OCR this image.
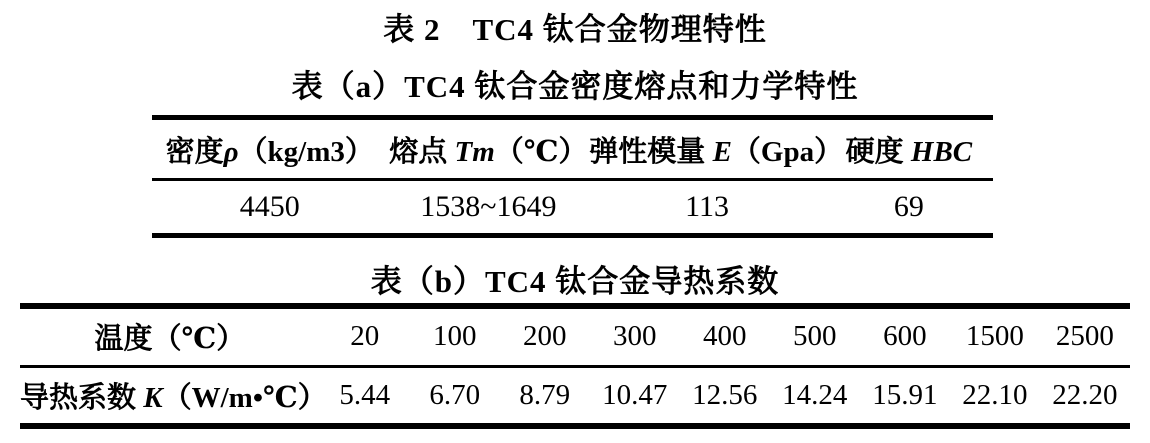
表 2　TC4 钛合金物理特性
表（a）TC4 钛合金密度熔点和力学特性
密度ρ（kg/m3）	熔点 Tm（℃）	弹性模量 E（Gpa）	硬度 HBC
4450	1538~1649	113	69
表（b）TC4 钛合金导热系数
温度（℃）	20	100	200	300	400	500	600	1500	2500
导热系数 K（W/m•℃）	5.44	6.70	8.79	10.47	12.56	14.24	15.91	22.10	22.20
